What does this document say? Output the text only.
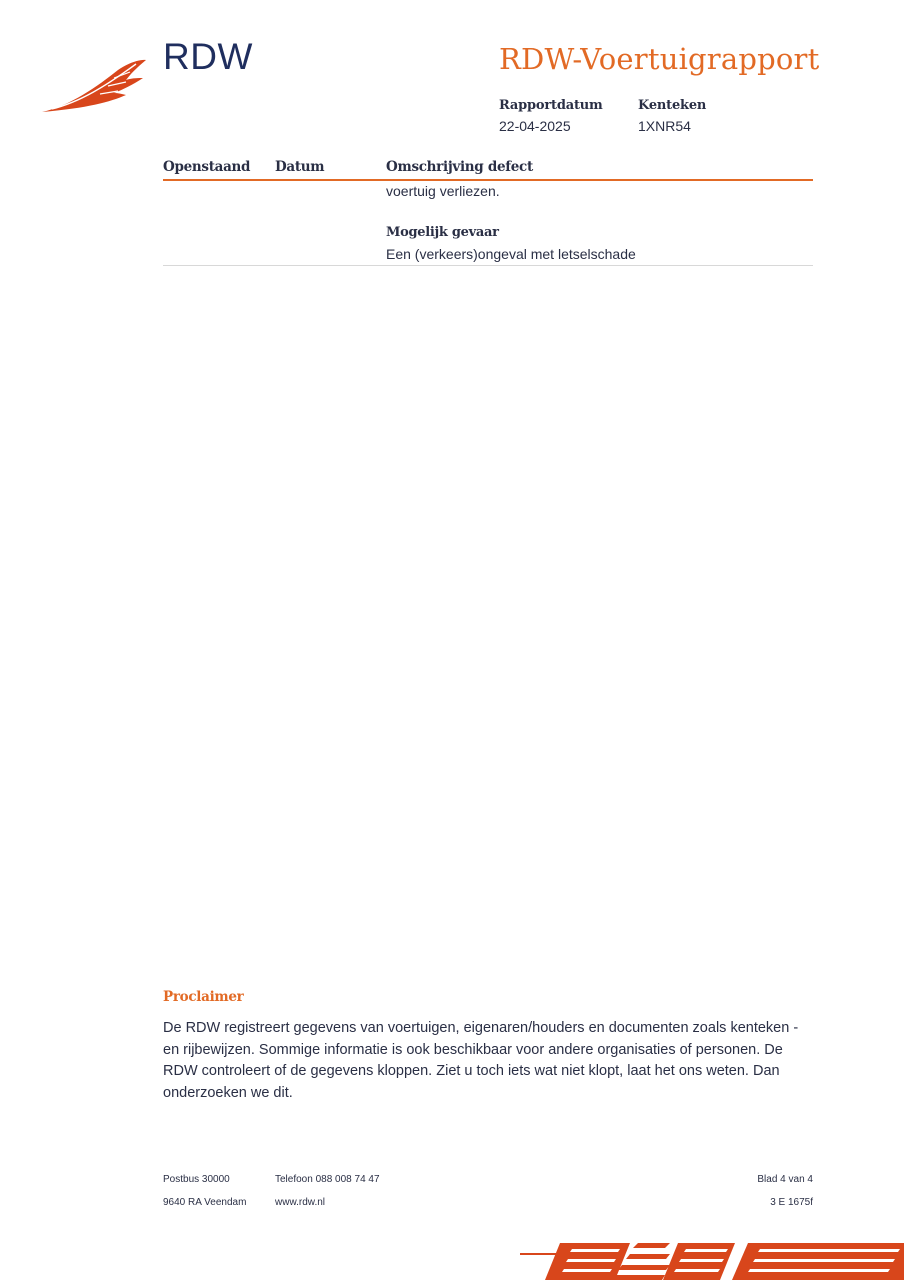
RDW	RDW-Voertuigrapport
Rapportdatum
22-04-2025
Kenteken
1XNR54
Openstaand Datum	Omschrijving defect
voertuig verliezen.
Mogelijk gevaar
Een (verkeers)ongeval met letselschade
Proclaimer
De RDW registreert gegevens van voertuigen, eigenaren/houders en documenten zoals kenteken - en rijbewijzen. Sommige informatie is ook beschikbaar voor andere organisaties of personen. De RDW controleert of de gegevens kloppen. Ziet u toch iets wat niet klopt, laat het ons weten. Dan onderzoeken we dit.
Postbus 30000
9640 RA Veendam
Telefoon 088 008 74 47
www.rdw.nl
Blad 4 van 4
3 E 1675f
